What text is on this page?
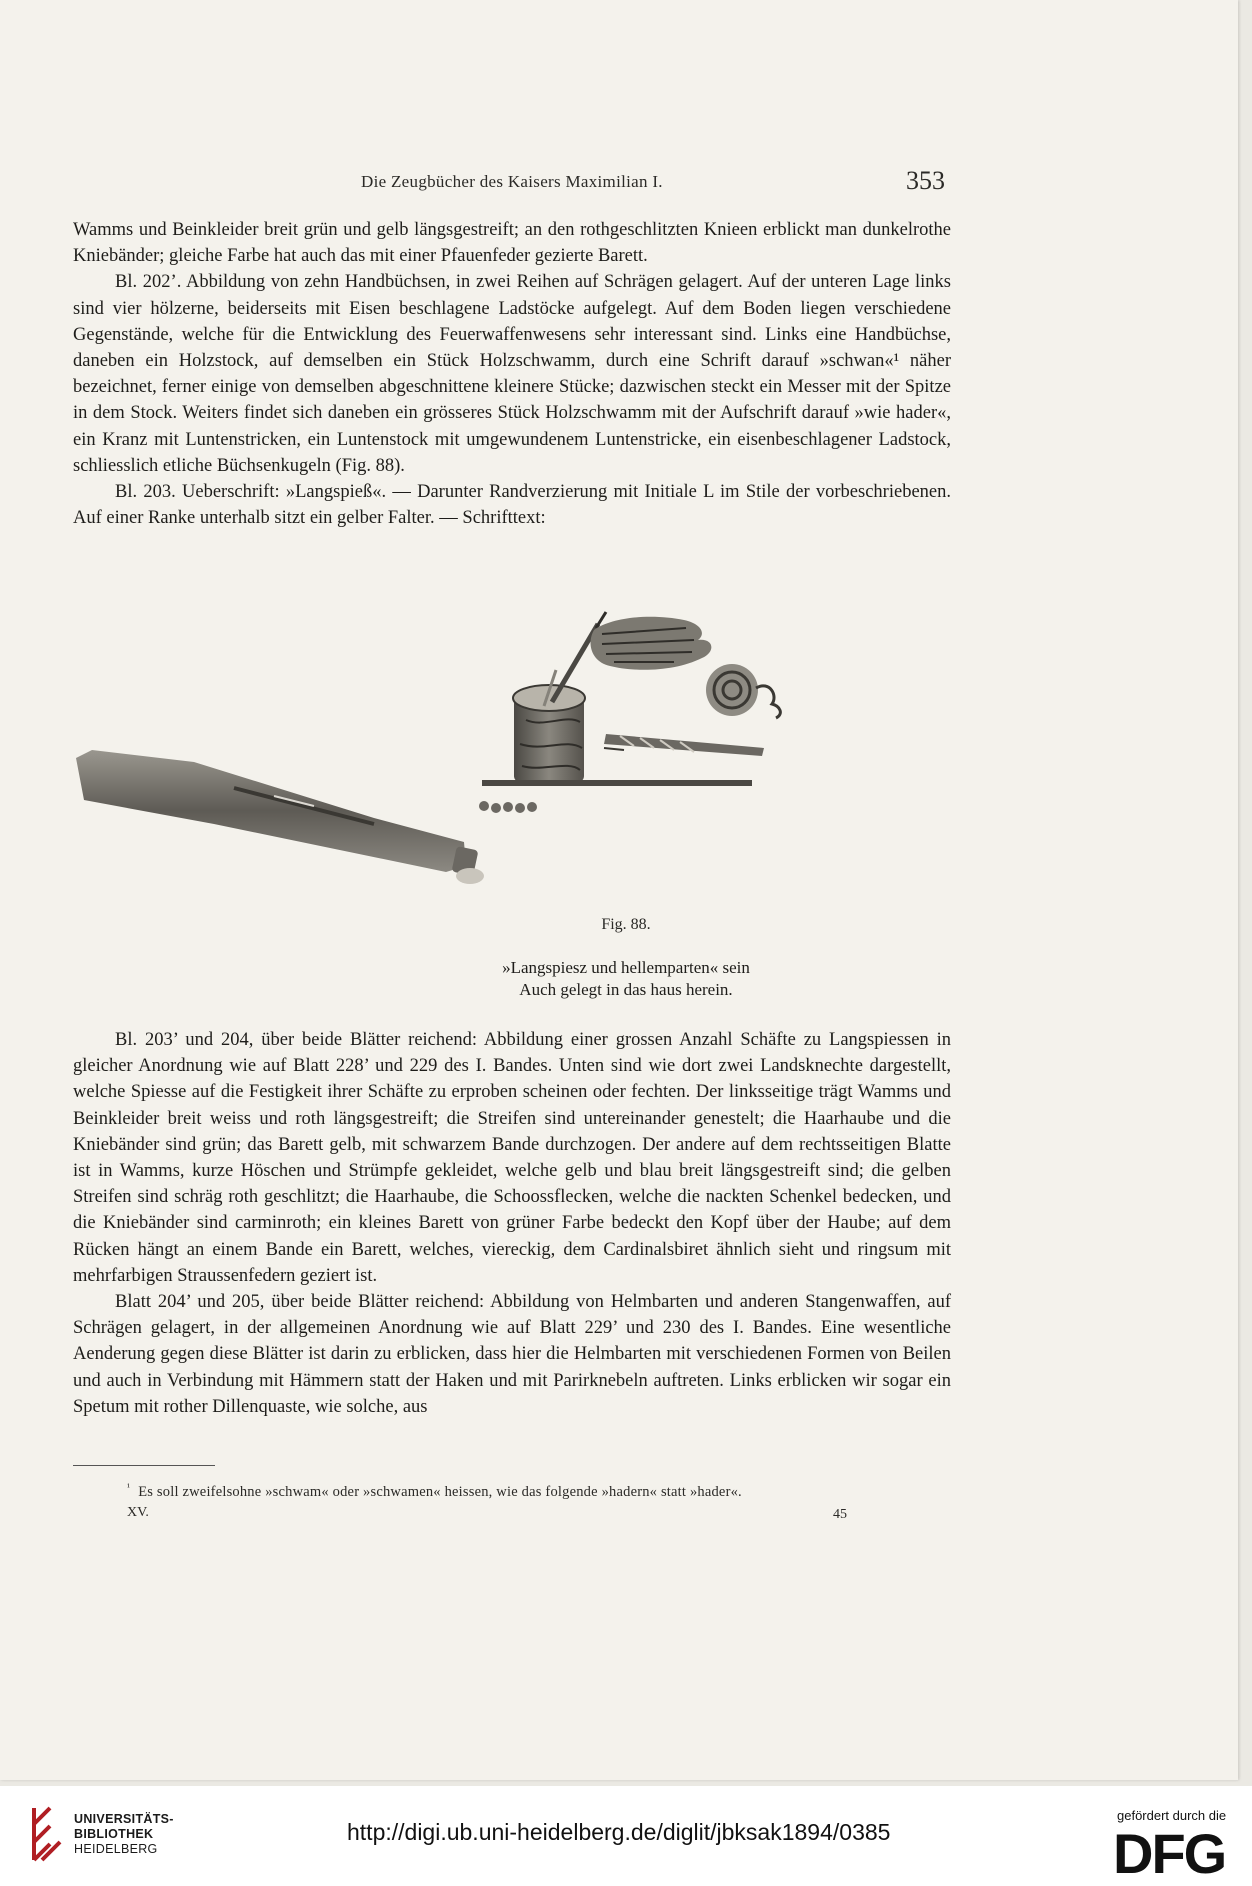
Die Zeugbücher des Kaisers Maximilian I.	353

Wamms und Beinkleider breit grün und gelb längsgestreift; an den rothgeschlitzten Knieen erblickt man dunkelrothe Kniebänder; gleiche Farbe hat auch das mit einer Pfauenfeder gezierte Barett.

Bl. 202’. Abbildung von zehn Handbüchsen, in zwei Reihen auf Schrägen gelagert. Auf der unteren Lage links sind vier hölzerne, beiderseits mit Eisen beschlagene Ladstöcke aufgelegt. Auf dem Boden liegen verschiedene Gegenstände, welche für die Entwicklung des Feuerwaffenwesens sehr interessant sind. Links eine Handbüchse, daneben ein Holzstock, auf demselben ein Stück Holzschwamm, durch eine Schrift darauf »schwan«¹ näher bezeichnet, ferner einige von demselben abgeschnittene kleinere Stücke; dazwischen steckt ein Messer mit der Spitze in dem Stock. Weiters findet sich daneben ein grösseres Stück Holzschwamm mit der Aufschrift darauf »wie hader«, ein Kranz mit Luntenstricken, ein Luntenstock mit umgewundenem Luntenstricke, ein eisenbeschlagener Ladstock, schliesslich etliche Büchsenkugeln (Fig. 88).

Bl. 203. Ueberschrift: »Langspieß«. — Darunter Randverzierung mit Initiale L im Stile der vorbeschriebenen. Auf einer Ranke unterhalb sitzt ein gelber Falter. — Schrifttext:

Fig. 88.
»Langspiesz und hellemparten« sein
Auch gelegt in das haus herein.

Bl. 203’ und 204, über beide Blätter reichend: Abbildung einer grossen Anzahl Schäfte zu Langspiessen in gleicher Anordnung wie auf Blatt 228’ und 229 des I. Bandes. Unten sind wie dort zwei Landsknechte dargestellt, welche Spiesse auf die Festigkeit ihrer Schäfte zu erproben scheinen oder fechten. Der linksseitige trägt Wamms und Beinkleider breit weiss und roth längsgestreift; die Streifen sind untereinander genestelt; die Haarhaube und die Kniebänder sind grün; das Barett gelb, mit schwarzem Bande durchzogen. Der andere auf dem rechtsseitigen Blatte ist in Wamms, kurze Höschen und Strümpfe gekleidet, welche gelb und blau breit längsgestreift sind; die gelben Streifen sind schräg roth geschlitzt; die Haarhaube, die Schoossflecken, welche die nackten Schenkel bedecken, und die Kniebänder sind carminroth; ein kleines Barett von grüner Farbe bedeckt den Kopf über der Haube; auf dem Rücken hängt an einem Bande ein Barett, welches, viereckig, dem Cardinalsbiret ähnlich sieht und ringsum mit mehrfarbigen Straussenfedern geziert ist.

Blatt 204’ und 205, über beide Blätter reichend: Abbildung von Helmbarten und anderen Stangenwaffen, auf Schrägen gelagert, in der allgemeinen Anordnung wie auf Blatt 229’ und 230 des I. Bandes. Eine wesentliche Aenderung gegen diese Blätter ist darin zu erblicken, dass hier die Helmbarten mit verschiedenen Formen von Beilen und auch in Verbindung mit Hämmern statt der Haken und mit Parirknebeln auftreten. Links erblicken wir sogar ein Spetum mit rother Dillenquaste, wie solche, aus

$^{^1}$ Es soll zweifelsohne »schwam« oder »schwamen« heissen, wie das folgende »hadern« statt »hader«.
XV.	45
UNIVERSITÄTS-
BIBLIOTHEK
HEIDELBERG
http://digi.ub.uni-heidelberg.de/diglit/jbksak1894/0385
gefördert durch die
DFG
